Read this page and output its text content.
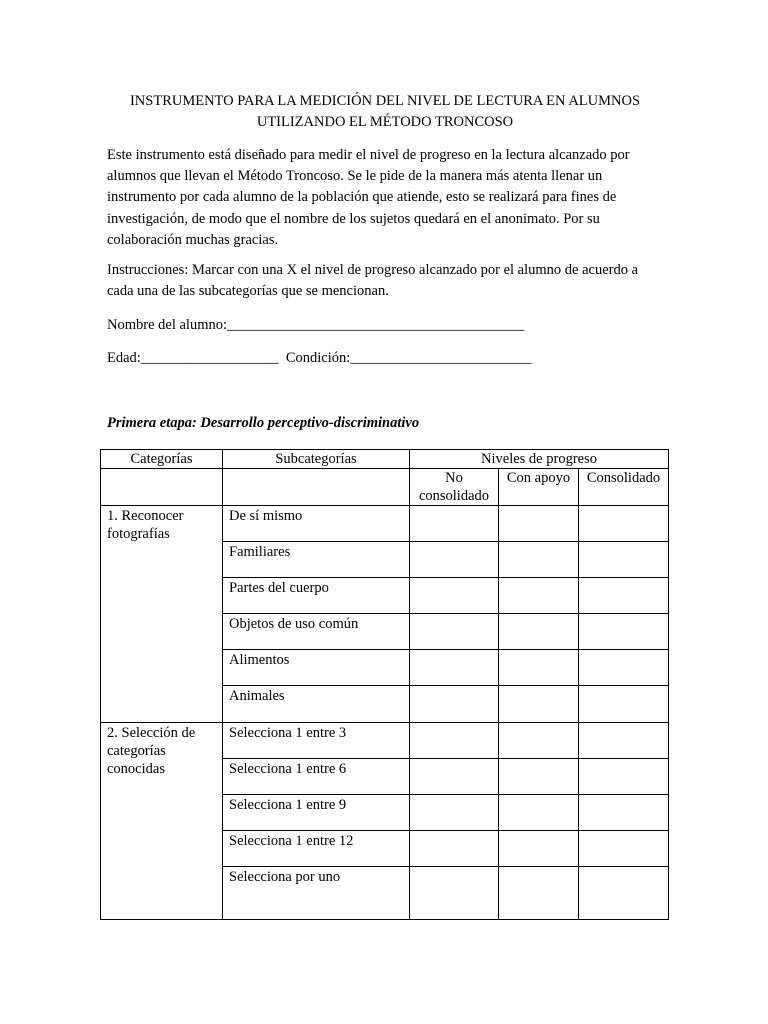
INSTRUMENTO PARA LA MEDICIÓN DEL NIVEL DE LECTURA EN ALUMNOS
UTILIZANDO EL MÉTODO TRONCOSO
Este instrumento está diseñado para medir el nivel de progreso en la lectura alcanzado por
alumnos que llevan el Método Troncoso. Se le pide de la manera más atenta llenar un
instrumento por cada alumno de la población que atiende, esto se realizará para fines de
investigación, de modo que el nombre de los sujetos quedará en el anonimato. Por su
colaboración muchas gracias.
Instrucciones: Marcar con una X el nivel de progreso alcanzado por el alumno de acuerdo a
cada una de las subcategorías que se mencionan.
Nombre del alumno:_________________________________________
Edad:___________________ Condición:_________________________
Primera etapa: Desarrollo perceptivo-discriminativo
Categorías	Subcategorías	Niveles de progreso		

		No
consolidado	Con apoyo	Consolidado

1. Reconocer
fotografías	De sí mismo			
	Familiares			
	Partes del cuerpo			
	Objetos de uso común			
	Alimentos			
	Animales			

2. Selección de
categorías
conocidas	Selecciona 1 entre 3			
	Selecciona 1 entre 6			
	Selecciona 1 entre 9			
	Selecciona 1 entre 12			
	Selecciona por uno			
